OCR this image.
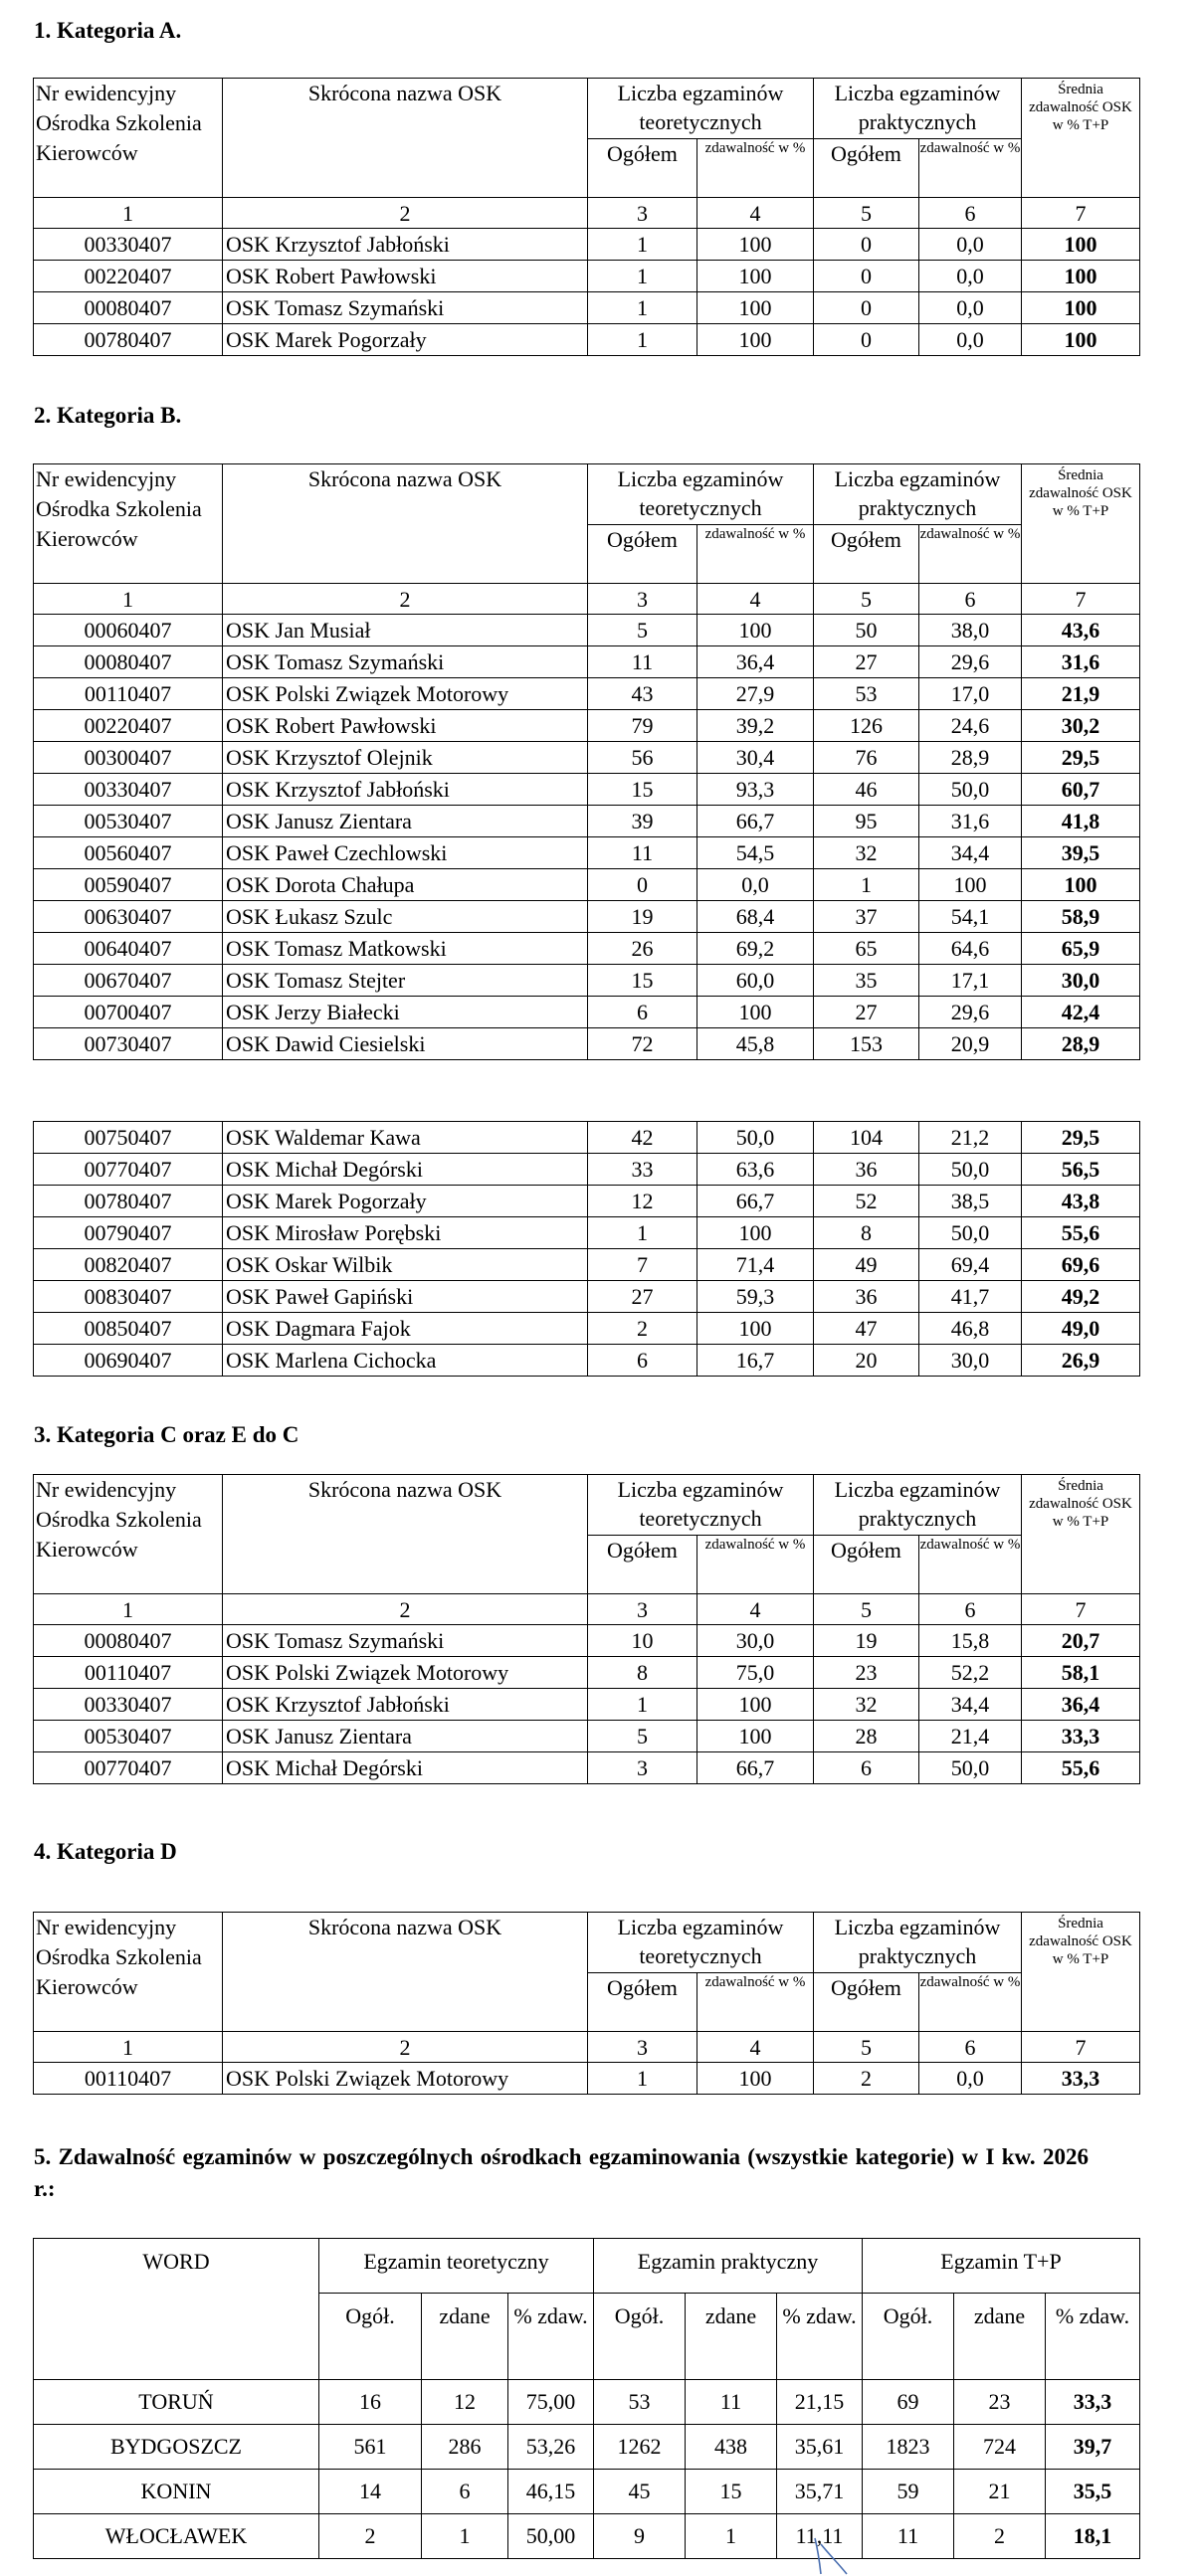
1. Kategoria A.
2. Kategoria B.
3. Kategoria C oraz E do C
4. Kategoria D
5. Zdawalność egzaminów w poszczególnych ośrodkach egzaminowania (wszystkie kategorie) w I kw. 2026 r.:
Nr ewidencyjny Ośrodka Szkolenia Kierowców	Skrócona nazwa OSK	Liczba egzaminów teoretycznych		Liczba egzaminów praktycznych		Średnia zdawalność OSK w % T+P
		Ogółem	zdawalność w %	Ogółem	zdawalność w %	
1	2	3	4	5	6	7
00330407	OSK Krzysztof Jabłoński	1	100	0	0,0	100
00220407	OSK Robert Pawłowski	1	100	0	0,0	100
00080407	OSK Tomasz Szymański	1	100	0	0,0	100
00780407	OSK Marek Pogorzały	1	100	0	0,0	100
Nr ewidencyjny Ośrodka Szkolenia Kierowców	Skrócona nazwa OSK	Liczba egzaminów teoretycznych		Liczba egzaminów praktycznych		Średnia zdawalność OSK w % T+P
		Ogółem	zdawalność w %	Ogółem	zdawalność w %	
1	2	3	4	5	6	7
00060407	OSK Jan Musiał	5	100	50	38,0	43,6
00080407	OSK Tomasz Szymański	11	36,4	27	29,6	31,6
00110407	OSK Polski Związek Motorowy	43	27,9	53	17,0	21,9
00220407	OSK Robert Pawłowski	79	39,2	126	24,6	30,2
00300407	OSK Krzysztof Olejnik	56	30,4	76	28,9	29,5
00330407	OSK Krzysztof Jabłoński	15	93,3	46	50,0	60,7
00530407	OSK Janusz Zientara	39	66,7	95	31,6	41,8
00560407	OSK Paweł Czechlowski	11	54,5	32	34,4	39,5
00590407	OSK Dorota Chałupa	0	0,0	1	100	100
00630407	OSK Łukasz Szulc	19	68,4	37	54,1	58,9
00640407	OSK Tomasz Matkowski	26	69,2	65	64,6	65,9
00670407	OSK Tomasz Stejter	15	60,0	35	17,1	30,0
00700407	OSK Jerzy Białecki	6	100	27	29,6	42,4
00730407	OSK Dawid Ciesielski	72	45,8	153	20,9	28,9
00750407	OSK Waldemar Kawa	42	50,0	104	21,2	29,5
00770407	OSK Michał Degórski	33	63,6	36	50,0	56,5
00780407	OSK Marek Pogorzały	12	66,7	52	38,5	43,8
00790407	OSK Mirosław Porębski	1	100	8	50,0	55,6
00820407	OSK Oskar Wilbik	7	71,4	49	69,4	69,6
00830407	OSK Paweł Gapiński	27	59,3	36	41,7	49,2
00850407	OSK Dagmara Fajok	2	100	47	46,8	49,0
00690407	OSK Marlena Cichocka	6	16,7	20	30,0	26,9
Nr ewidencyjny Ośrodka Szkolenia Kierowców	Skrócona nazwa OSK	Liczba egzaminów teoretycznych		Liczba egzaminów praktycznych		Średnia zdawalność OSK w % T+P
		Ogółem	zdawalność w %	Ogółem	zdawalność w %	
1	2	3	4	5	6	7
00080407	OSK Tomasz Szymański	10	30,0	19	15,8	20,7
00110407	OSK Polski Związek Motorowy	8	75,0	23	52,2	58,1
00330407	OSK Krzysztof Jabłoński	1	100	32	34,4	36,4
00530407	OSK Janusz Zientara	5	100	28	21,4	33,3
00770407	OSK Michał Degórski	3	66,7	6	50,0	55,6
Nr ewidencyjny Ośrodka Szkolenia Kierowców	Skrócona nazwa OSK	Liczba egzaminów teoretycznych		Liczba egzaminów praktycznych		Średnia zdawalność OSK w % T+P
		Ogółem	zdawalność w %	Ogółem	zdawalność w %	
1	2	3	4	5	6	7
00110407	OSK Polski Związek Motorowy	1	100	2	0,0	33,3
WORD	Egzamin teoretyczny			Egzamin praktyczny			Egzamin T+P		
	Ogół.	zdane	% zdaw.	Ogół.	zdane	% zdaw.	Ogół.	zdane	% zdaw.
TORUŃ	16	12	75,00	53	11	21,15	69	23	33,3
BYDGOSZCZ	561	286	53,26	1262	438	35,61	1823	724	39,7
KONIN	14	6	46,15	45	15	35,71	59	21	35,5
WŁOCŁAWEK	2	1	50,00	9	1	11,11	11	2	18,1
